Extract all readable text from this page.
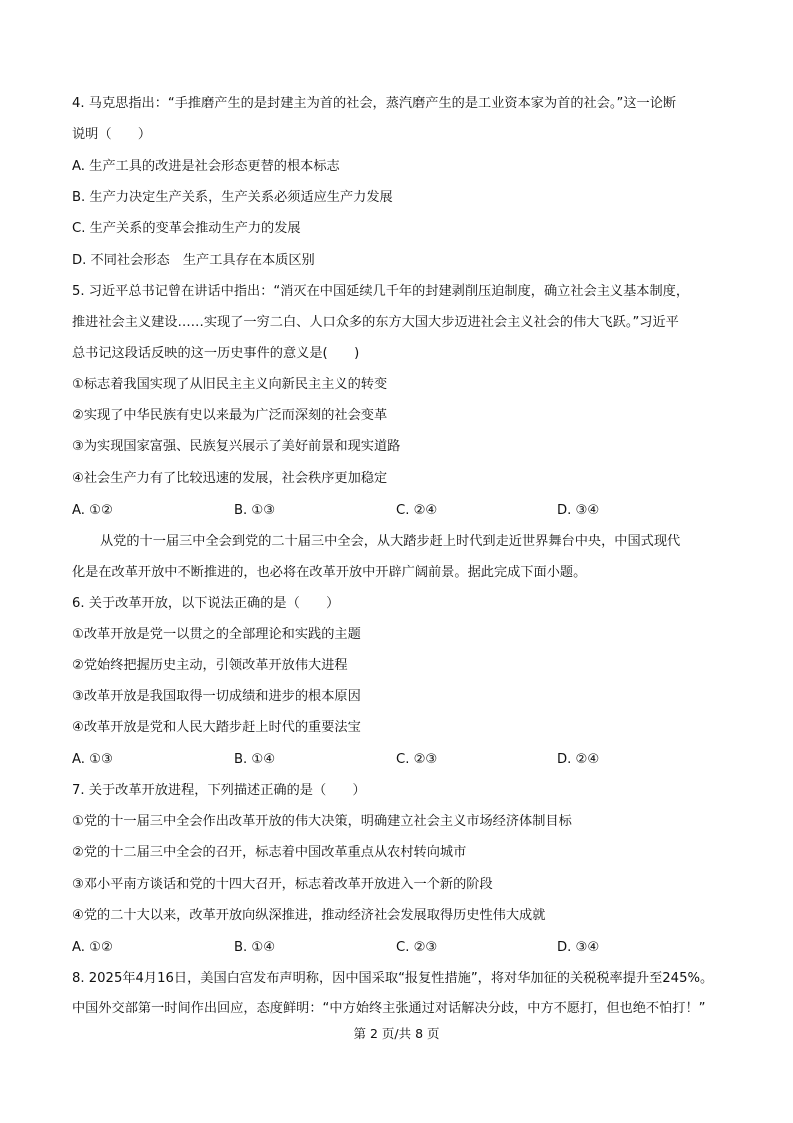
4. 马克思指出：“手推磨产生的是封建主为首的社会，蒸汽磨产生的是工业资本家为首的社会。”这一论断
说明（　　）
A. 生产工具的改进是社会形态更替的根本标志
B. 生产力决定生产关系，生产关系必须适应生产力发展
C. 生产关系的变革会推动生产力的发展
D. 不同社会形态　生产工具存在本质区别
5. 习近平总书记曾在讲话中指出：“消灭在中国延续几千年的封建剥削压迫制度，确立社会主义基本制度，
推进社会主义建设……实现了一穷二白、人口众多的东方大国大步迈进社会主义社会的伟大飞跃。”习近平
总书记这段话反映的这一历史事件的意义是(　　)
①标志着我国实现了从旧民主主义向新民主主义的转变
②实现了中华民族有史以来最为广泛而深刻的社会变革
③为实现国家富强、民族复兴展示了美好前景和现实道路
④社会生产力有了比较迅速的发展，社会秩序更加稳定
A. ①②	B. ①③	C. ②④	D. ③④
从党的十一届三中全会到党的二十届三中全会，从大踏步赶上时代到走近世界舞台中央，中国式现代
化是在改革开放中不断推进的，也必将在改革开放中开辟广阔前景。据此完成下面小题。
6. 关于改革开放，以下说法正确的是（　　）
①改革开放是党一以贯之的全部理论和实践的主题
②党始终把握历史主动，引领改革开放伟大进程
③改革开放是我国取得一切成绩和进步的根本原因
④改革开放是党和人民大踏步赶上时代的重要法宝
A. ①③	B. ①④	C. ②③	D. ②④
7. 关于改革开放进程，下列描述正确的是（　　）
①党的十一届三中全会作出改革开放的伟大决策，明确建立社会主义市场经济体制目标
②党的十二届三中全会的召开，标志着中国改革重点从农村转向城市
③邓小平南方谈话和党的十四大召开，标志着改革开放进入一个新的阶段
④党的二十大以来，改革开放向纵深推进，推动经济社会发展取得历史性伟大成就
A. ①②	B. ①④	C. ②③	D. ③④
8. 2025年4月16日，美国白宫发布声明称，因中国采取“报复性措施”，将对华加征的关税税率提升至245%。
中国外交部第一时间作出回应，态度鲜明：“中方始终主张通过对话解决分歧，中方不愿打，但也绝不怕打！”
第 2 页/共 8 页
